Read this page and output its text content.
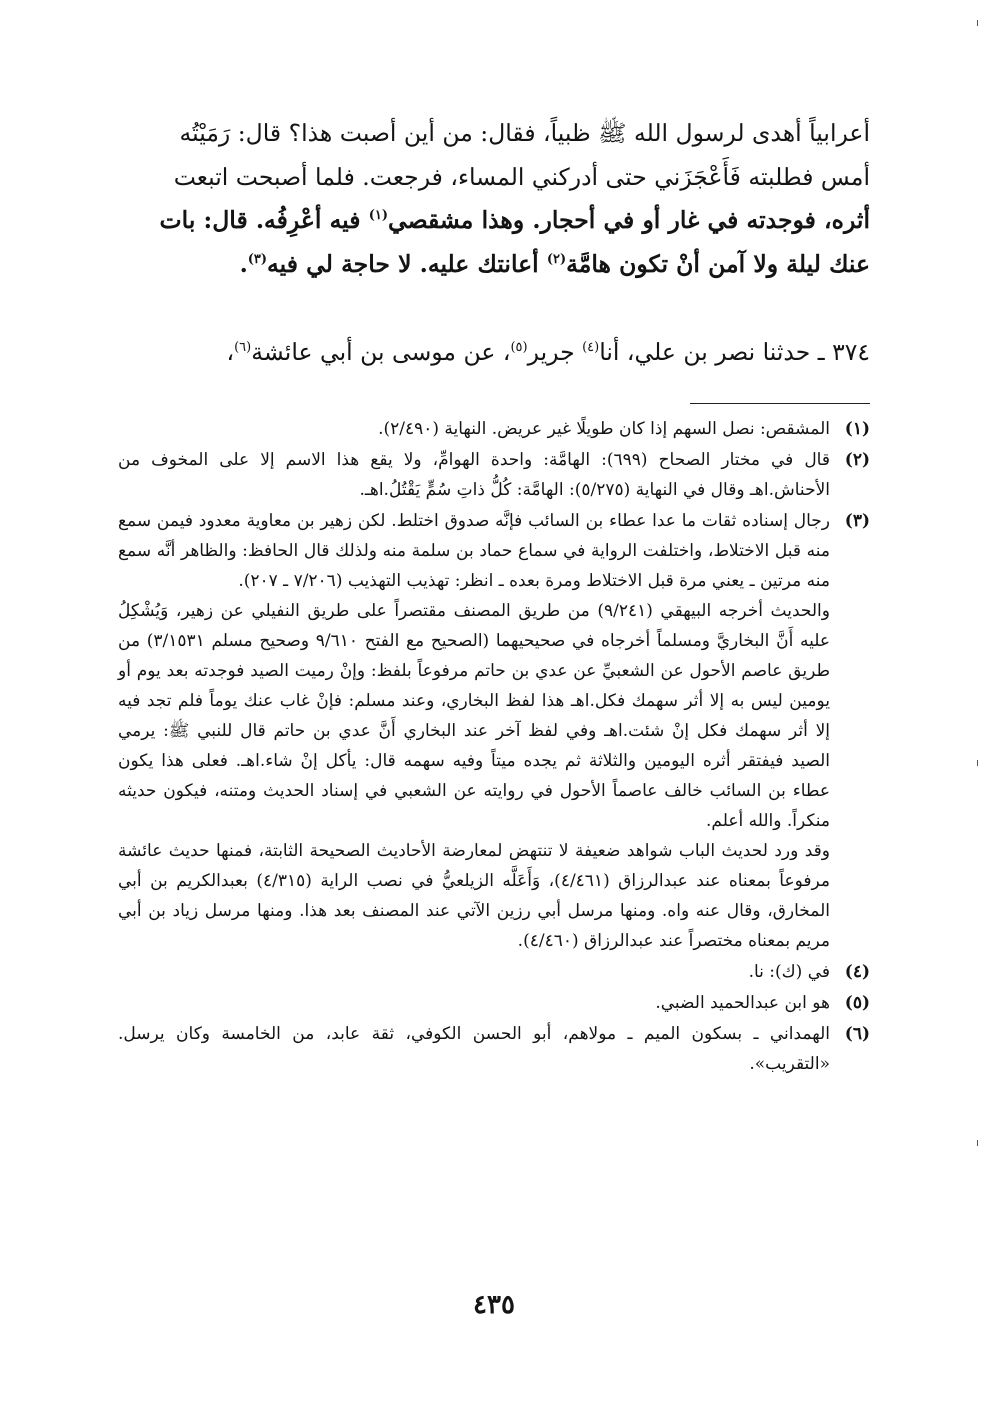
أعرابياً أهدى لرسول الله ﷺ ظبياً، فقال: من أين أصبت هذا؟ قال: رَمَيْتُه

أمس فطلبته فَأَعْجَزَني حتى أدركني المساء، فرجعت. فلما أصبحت اتبعت

أثره، فوجدته في غار أو في أحجار. وهذا مشقصي$^{(١)}$ فيه أعْرِفُه. قال: بات

عنك ليلة ولا آمن أنْ تكون هامَّة$^{(٢)}$ أعانتك عليه. لا حاجة لي فيه$^{(٣)}$.

٣٧٤ ـ حدثنا نصر بن علي، أنا$^{(٤)}$ جرير$^{(٥)}$، عن موسى بن أبي عائشة$^{(٦)}$،

(١)

المشقص: نصل السهم إذا كان طويلًا غير عريض. النهاية (٢/٤٩٠).

(٢)

قال في مختار الصحاح (٦٩٩): الهامَّة: واحدة الهوامِّ، ولا يقع هذا الاسم إلا على المخوف من الأحناش.اهـ وقال في النهاية (٥/٢٧٥): الهامَّة: كُلُّ ذاتِ سُمٍّ يَقْتُلُ.اهـ.

(٣)

رجال إسناده ثقات ما عدا عطاء بن السائب فإنَّه صدوق اختلط. لكن زهير بن معاوية معدود فيمن سمع منه قبل الاختلاط، واختلفت الرواية في سماع حماد بن سلمة منه ولذلك قال الحافظ: والظاهر أنَّه سمع منه مرتين ـ يعني مرة قبل الاختلاط ومرة بعده ـ انظر: تهذيب التهذيب (٧/٢٠٦ ـ ٢٠٧).

والحديث أخرجه البيهقي (٩/٢٤١) من طريق المصنف مقتصراً على طريق النفيلي عن زهير، وَيُشْكِلُ عليه أَنَّ البخاريَّ ومسلماً أخرجاه في صحيحيهما (الصحيح مع الفتح ٩/٦١٠ وصحيح مسلم ٣/١٥٣١) من طريق عاصم الأحول عن الشعبيِّ عن عدي بن حاتم مرفوعاً بلفظ: وإنْ رميت الصيد فوجدته بعد يوم أو يومين ليس به إلا أثر سهمك فكل.اهـ هذا لفظ البخاري، وعند مسلم: فإنْ غاب عنك يوماً فلم تجد فيه إلا أثر سهمك فكل إنْ شئت.اهـ وفي لفظ آخر عند البخاري أَنَّ عدي بن حاتم قال للنبي ﷺ: يرمي الصيد فيفتقر أثره اليومين والثلاثة ثم يجده ميتاً وفيه سهمه قال: يأكل إنْ شاء.اهـ. فعلى هذا يكون عطاء بن السائب خالف عاصماً الأحول في روايته عن الشعبي في إسناد الحديث ومتنه، فيكون حديثه منكراً. والله أعلم.

وقد ورد لحديث الباب شواهد ضعيفة لا تنتهض لمعارضة الأحاديث الصحيحة الثابتة، فمنها حديث عائشة مرفوعاً بمعناه عند عبدالرزاق (٤/٤٦١)، وَأَعَلَّه الزيلعيُّ في نصب الراية (٤/٣١٥) بعبدالكريم بن أبي المخارق، وقال عنه واه. ومنها مرسل أبي رزين الآتي عند المصنف بعد هذا. ومنها مرسل زياد بن أبي مريم بمعناه مختصراً عند عبدالرزاق (٤/٤٦٠).

(٤)

في (ك): نا.

(٥)

هو ابن عبدالحميد الضبي.

(٦)

الهمداني ـ بسكون الميم ـ مولاهم، أبو الحسن الكوفي، ثقة عابد، من الخامسة وكان يرسل. «التقريب».

٤٣٥
